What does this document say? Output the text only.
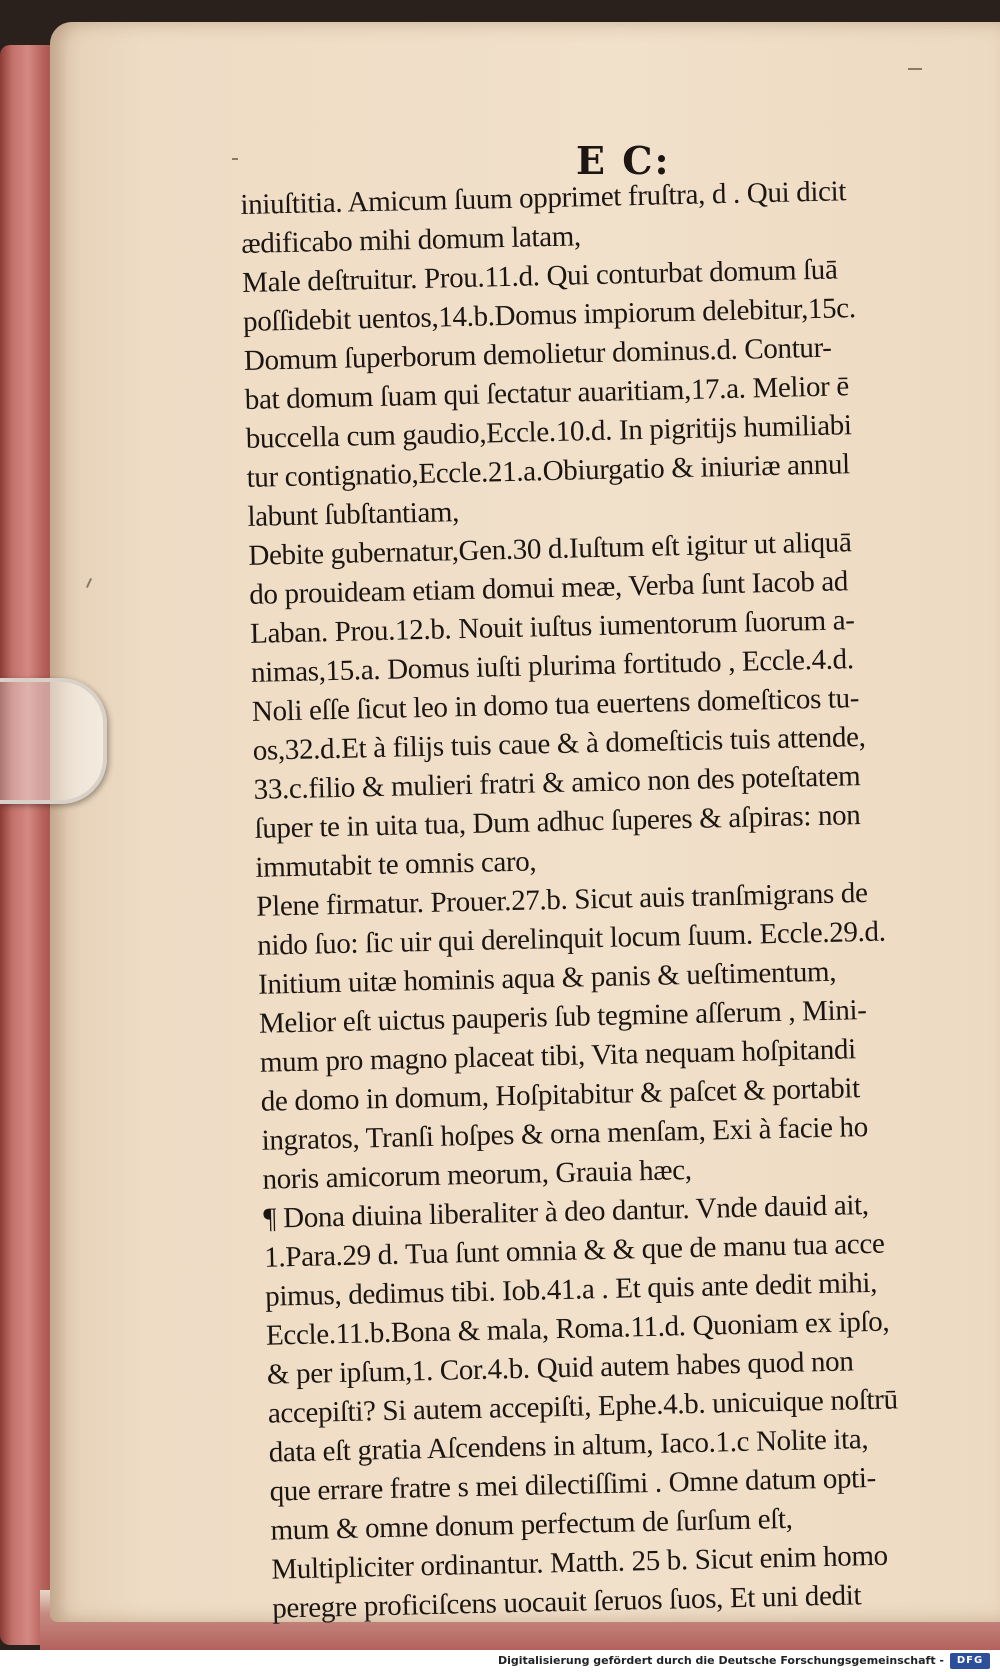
E C:
iniuſtitia. Amicum ſuum opprimet fruſtra, d . Qui dicit
ædificabo mihi domum latam,
Male deſtruitur. Prou.11.d. Qui conturbat domum ſuā
poſſidebit uentos,14.b.Domus impiorum delebitur,15c.
Domum ſuperborum demolietur dominus.d. Contur-
bat domum ſuam qui ſectatur auaritiam,17.a. Melior ē
buccella cum gaudio,Eccle.10.d. In pigritijs humiliabi
tur contignatio,Eccle.21.a.Obiurgatio & iniuriæ annul
labunt ſubſtantiam,
Debite gubernatur,Gen.30 d.Iuſtum eſt igitur ut aliquā
do prouideam etiam domui meæ, Verba ſunt Iacob ad
Laban. Prou.12.b. Nouit iuſtus iumentorum ſuorum a-
nimas,15.a. Domus iuſti plurima fortitudo , Eccle.4.d.
Noli eſſe ſicut leo in domo tua euertens domeſticos tu-
os,32.d.Et à filijs tuis caue & à domeſticis tuis attende,
33.c.filio & mulieri fratri & amico non des poteſtatem
ſuper te in uita tua, Dum adhuc ſuperes & aſpiras: non
immutabit te omnis caro,
Plene firmatur. Prouer.27.b. Sicut auis tranſmigrans de
nido ſuo: ſic uir qui derelinquit locum ſuum. Eccle.29.d.
Initium uitæ hominis aqua & panis & ueſtimentum,
Melior eſt uictus pauperis ſub tegmine aſſerum , Mini-
mum pro magno placeat tibi, Vita nequam hoſpitandi
de domo in domum, Hoſpitabitur & paſcet & portabit
ingratos, Tranſi hoſpes & orna menſam, Exi à facie ho
noris amicorum meorum, Grauia hæc,
¶ Dona diuina liberaliter à deo dantur. Vnde dauid ait,
1.Para.29 d. Tua ſunt omnia & & que de manu tua acce
pimus, dedimus tibi. Iob.41.a . Et quis ante dedit mihi,
Eccle.11.b.Bona & mala, Roma.11.d. Quoniam ex ipſo,
& per ipſum,1. Cor.4.b. Quid autem habes quod non
accepiſti? Si autem accepiſti, Ephe.4.b. unicuique noſtrū
data eſt gratia Aſcendens in altum, Iaco.1.c Nolite ita,
que errare fratre s mei dilectiſſimi . Omne datum opti-
mum & omne donum perfectum de ſurſum eſt,
Multipliciter ordinantur. Matth. 25 b. Sicut enim homo
peregre proficiſcens uocauit ſeruos ſuos, Et uni dedit
Digitalisierung gefördert durch die Deutsche Forschungsgemeinschaft -	DFG
